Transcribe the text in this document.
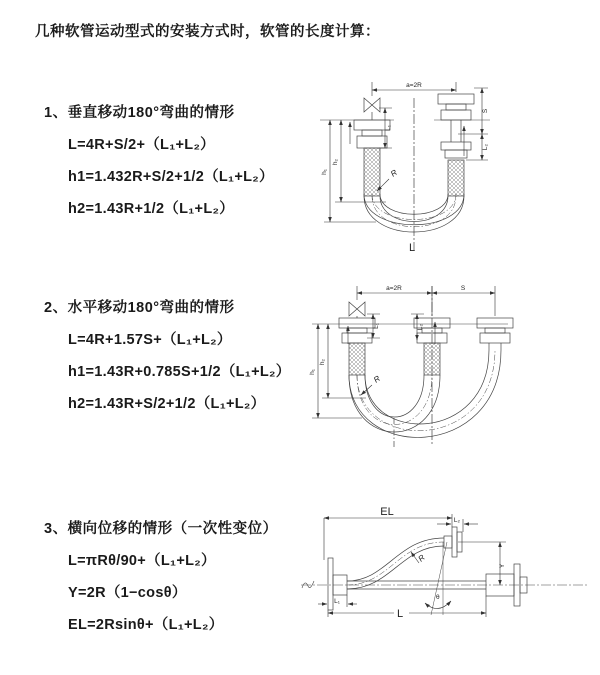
几种软管运动型式的安装方式时，软管的长度计算：
1、垂直移动180°弯曲的情形
L=4R+S/2+（L₁+L₂）
h1=1.432R+S/2+1/2（L₁+L₂）
h2=1.43R+1/2（L₁+L₂）
2、水平移动180°弯曲的情形
L=4R+1.57S+（L₁+L₂）
h1=1.43R+0.785S+1/2（L₁+L₂）
h2=1.43R+S/2+1/2（L₁+L₂）
3、横向位移的情形（一次性变位）
L=πRθ/90+（L₁+L₂）
Y=2R（1−cosθ）
EL=2Rsinθ+（L₁+L₂）
a=2R
h₁
h₂
L₁
S
L₂
R
L
a=2R	S
h₁
h₂
L₁	L₂
R
EL
L₂
Y
R
θ
L
L₁
